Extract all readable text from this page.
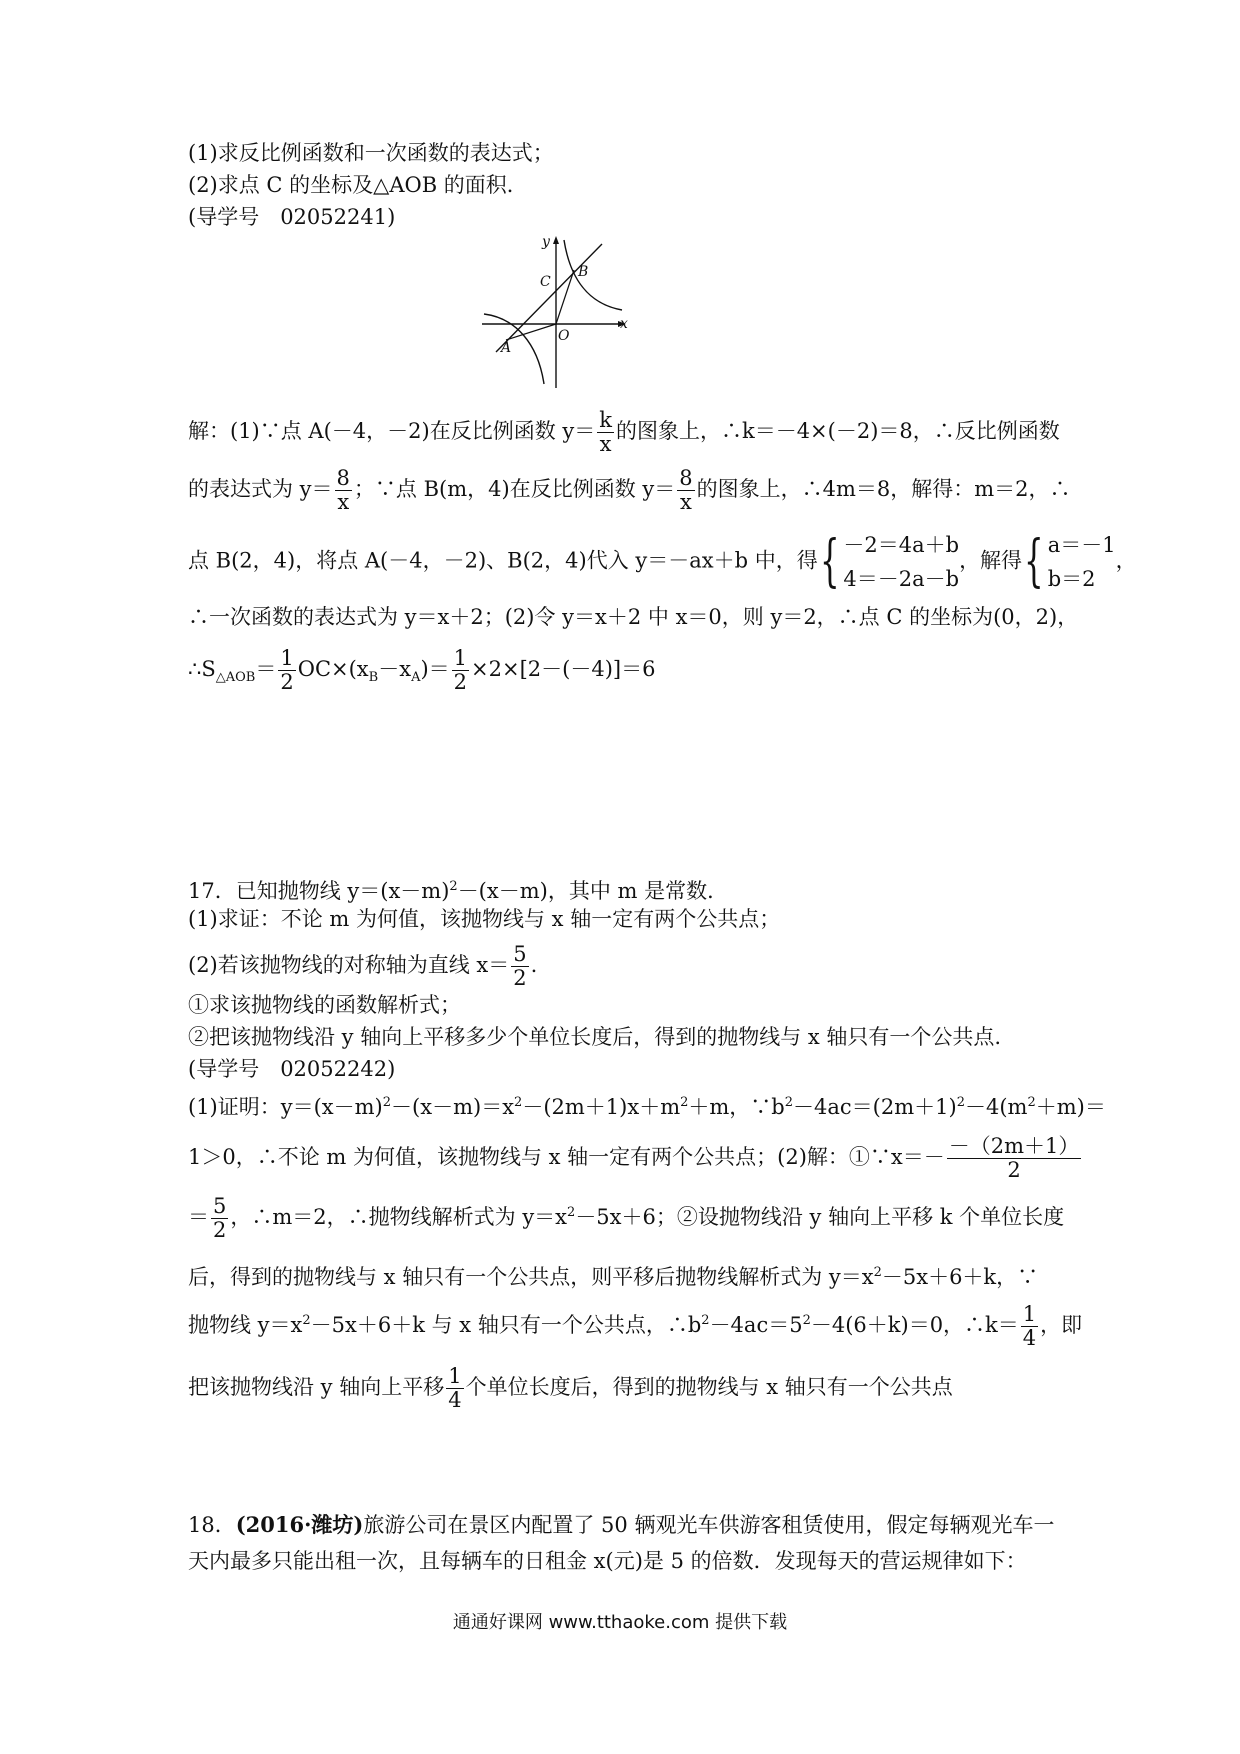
(1)求反比例函数和一次函数的表达式；
(2)求点 C 的坐标及△AOB 的面积．
(导学号　02052241)
y
x
O
A
B
C
解：(1)∵点 A(－4，－2)在反比例函数 $y= \frac{k}{x}$ 的图象上，∴k＝－4×(－2)＝8，∴反比例函数
的表达式为 $y= \frac{8}{x}$ ；∵点 B(m，4)在反比例函数 $y= \frac{8}{x}$ 的图象上，∴4m＝8，解得：m＝2，∴
点 B(2，4)，将点 A(－4，－2)、B(2，4)代入 y＝－ax＋b 中，得 { －2＝4a＋b
4＝－2a－b
，解得 { a＝－1
b＝2
，
∴一次函数的表达式为 y＝x＋2；(2)令 y＝x＋2 中 x＝0，则 y＝2，∴点 C 的坐标为(0，2)，
$\therefore S_{\triangle AOB}= \frac{1}{2} OC\times(x_B-x_A)= \frac{1}{2} \times 2\times[2-(-4)]=6$
17．已知抛物线 $y=(x-m)^2-(x-m)$，其中 m 是常数．
(1)求证：不论 m 为何值，该抛物线与 x 轴一定有两个公共点；
(2)若该抛物线的对称轴为直线 $x= \frac{5}{2}$ .
①求该抛物线的函数解析式；
②把该抛物线沿 y 轴向上平移多少个单位长度后，得到的抛物线与 x 轴只有一个公共点.
(导学号　02052242)
(1)证明：$y=(x-m)^2-(x-m)=x^2-(2m+1)x+m^2+m$，$\because b^2-4ac=(2m+1)^2-4(m^2+m)=$
1＞0，∴不论 m 为何值，该抛物线与 x 轴一定有两个公共点；(2)解：①∵x＝－ $\frac{-(2m+1)}{2}$
＝ $\frac{5}{2}$ ，∴m＝2，∴抛物线解析式为 $y=x^2-5x+6$；②设抛物线沿 y 轴向上平移 k 个单位长度
后，得到的抛物线与 x 轴只有一个公共点，则平移后抛物线解析式为 $y=x^2-5x+6+k$，∵
抛物线 $y=x^2-5x+6+k$ 与 x 轴只有一个公共点，$\therefore b^2-4ac=5^2-4(6+k)=0$，∴k＝ $\frac{1}{4}$ ，即
把该抛物线沿 y 轴向上平移 $\frac{1}{4}$ 个单位长度后，得到的抛物线与 x 轴只有一个公共点
18．(2016·潍坊)旅游公司在景区内配置了 50 辆观光车供游客租赁使用，假定每辆观光车一
天内最多只能出租一次，且每辆车的日租金 x(元)是 5 的倍数．发现每天的营运规律如下：
通通好课网 www.tthaoke.com 提供下载
